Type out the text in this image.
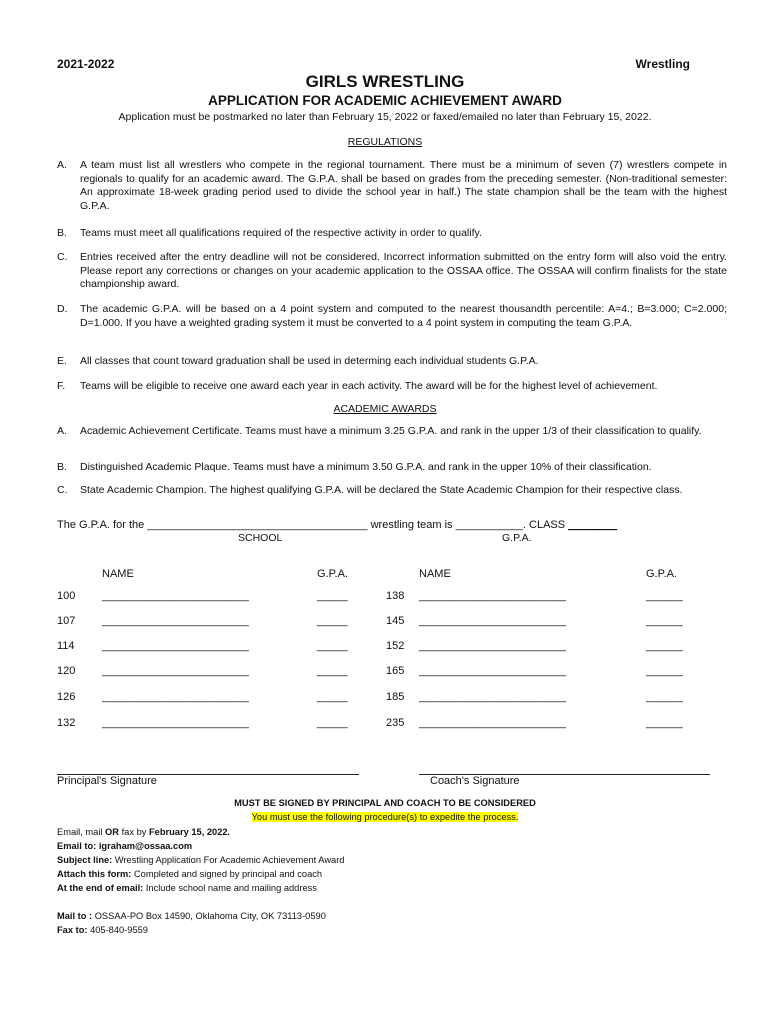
2021-2022	Wrestling
GIRLS WRESTLING
APPLICATION FOR ACADEMIC ACHIEVEMENT AWARD
Application must be postmarked no later than February 15, 2022 or faxed/emailed no later than February 15, 2022.
REGULATIONS
A.	A team must list all wrestlers who compete in the regional tournament. There must be a minimum of seven (7) wrestlers compete in regionals to qualify for an academic award. The G.P.A. shall be based on grades from the preceding semester. (Non-traditional semester: An approximate 18-week grading period used to divide the school year in half.) The state champion shall be the team with the highest G.P.A.
B.	Teams must meet all qualifications required of the respective activity in order to qualify.
C.	Entries received after the entry deadline will not be considered. Incorrect information submitted on the entry form will also void the entry. Please report any corrections or changes on your academic application to the OSSAA office. The OSSAA will confirm finalists for the state championship award.
D.	The academic G.P.A. will be based on a 4 point system and computed to the nearest thousandth percentile: A=4.; B=3.000; C=2.000; D=1.000. If you have a weighted grading system it must be converted to a 4 point system in computing the team G.P.A.
E.	All classes that count toward graduation shall be used in determing each individual students G.P.A.
F.	Teams will be eligible to receive one award each year in each activity. The award will be for the highest level of achievement.
ACADEMIC AWARDS
A.	Academic Achievement Certificate. Teams must have a minimum 3.25 G.P.A. and rank in the upper 1/3 of their classification to qualify.
B.	Distinguished Academic Plaque. Teams must have a minimum 3.50 G.P.A. and rank in the upper 10% of their classification.
C.	State Academic Champion. The highest qualifying G.P.A. will be declared the State Academic Champion for their respective class.
The G.P.A. for the ____________________________________ wrestling team is ___________. CLASS ________
SCHOOL	G.P.A.
NAME	G.P.A.	NAME	G.P.A.
100 ________________________	_____	138 ________________________	______
107 ________________________	_____	145 ________________________	______
114 ________________________	_____	152 ________________________	______
120 ________________________	_____	165 ________________________	______
126 ________________________	_____	185 ________________________	______
132 ________________________	_____	235 ________________________	______
Principal's Signature	Coach's Signature
MUST BE SIGNED BY PRINCIPAL AND COACH TO BE CONSIDERED
You must use the following procedure(s) to expedite the process.
Email, mail OR fax by February 15, 2022.
Email to: igraham@ossaa.com
Subject line: Wrestling Application For Academic Achievement Award
Attach this form: Completed and signed by principal and coach
At the end of email: Include school name and mailing address
Mail to : OSSAA-PO Box 14590, Oklahoma City, OK 73113-0590
Fax to: 405-840-9559
